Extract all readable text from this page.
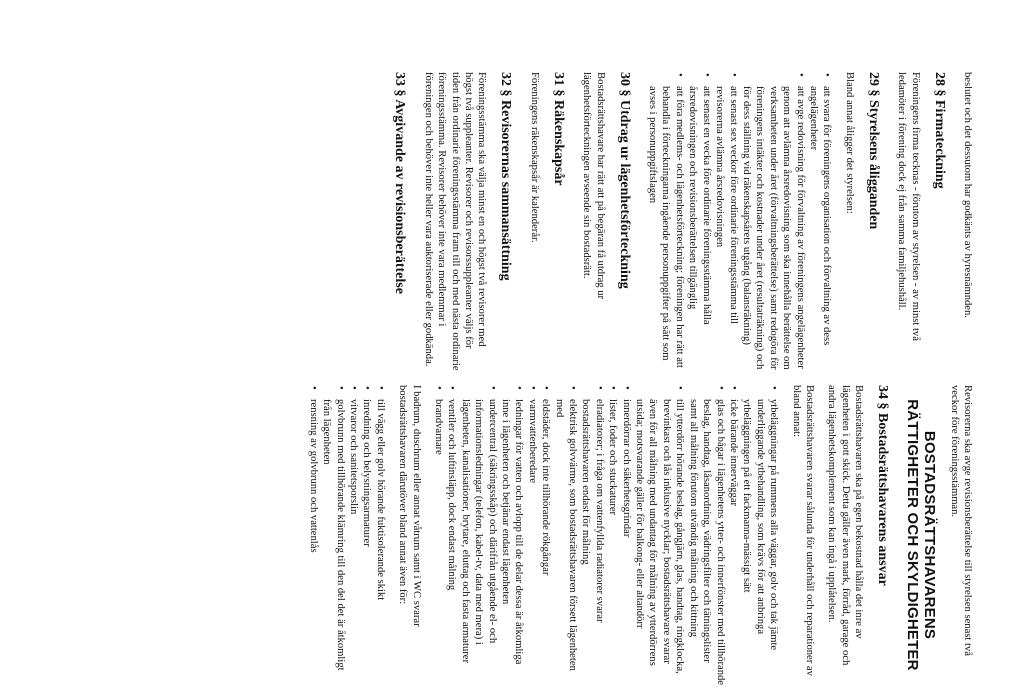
beslutet och det dessutom har godkänts av hyresnämnden.

28 § Firmateckning

Föreningens firma tecknas - förutom av styrelsen - av minst två ledamöter i förening dock ej från samma familjehushåll.

29 § Styrelsens åligganden

Bland annat åligger det styrelsen:

• att svara för föreningens organisation och förvaltning av dess angelägenheter
• att avge redovisning för förvaltning av föreningens angelägenheter genom att avlämna årsredovisning som ska innehålla berättelse om verksamheten under året (förvaltningsberättelse) samt redogöra för föreningens intäkter och kostnader under året (resultaträkning) och för dess ställning vid räkenskapsårets utgång (balansräkning)
• att senast sex veckor före ordinarie föreningsstämma till revisorerna avlämna årsredovisningen
• att senast en vecka före ordinarie föreningsstämma hålla årsredovisningen och revisionsberättelsen tillgänglig
• att föra medlems- och lägenhetsförteckning; föreningen har rätt att behandla i förteckningarna ingående personuppgifter på sätt som avses i personuppgiftslagen
30 § Utdrag ur lägenhetsförteckning

Bostadsrättshavare har rätt att på begäran få utdrag ur lägenhetsförteckningen avseende sin bostadsrätt.

31 § Räkenskapsår

Föreningens räkenskapsår är kalenderår.

32 § Revisorernas sammansättning

Föreningsstämma ska välja minst en och högst två revisorer med högst två suppleanter. Revisorer och revisorssuppleanter väljs för tiden från ordinarie föreningsstämma fram till och med nästa ordinarie föreningsstämma. Revisorer behöver inte vara medlemmar i föreningen och behöver inte heller vara auktoriserade eller godkända.

33 § Avgivande av revisionsberättelse

Revisorerna ska avge revisionsberättelse till styrelsen senast två veckor före föreningsstämman.

BOSTADSRÄTTSHAVARENS
RÄTTIGHETER OCH SKYLDIGHETER
34 § Bostadsrättshavarens ansvar

Bostadsrättshavaren ska på egen bekostnad hålla det inre av lägenheten i gott skick. Detta gäller även mark, förråd, garage och andra lägenhetskomplement som kan ingå i upplåtelsen.

Bostadsrättshavaren svarar sålunda för underhåll och reparationer av bland annat:

• ytbeläggningar på rummens alla väggar, golv och tak jämte underliggande ytbehandling, som krävs för att anbringa ytbeläggningen på ett fackmanna-mässigt sätt
• icke bärande innerväggar
• glas och bågar i lägenhetens ytter- och innerfönster med tillhörande beslag, handtag, låsanordning, vädringsfilter och tätningslister samt all målning förutom utvändig målning och kittning
• till ytterdörr hörande beslag, gångjärn, glas, handtag, ringklocka, brevinkast och lås inklusive nycklar; bostadsrättshavare svarar även för all målning med undantag för målning av ytterdörrens utsida; motsvarande gäller för balkong- eller altandörr
• innerdörrar och säkerhetsgrindar
• lister, foder och stuckaturer
• elradiatorer; i fråga om vattenfyllda radiatorer svarar bostadsrättshavaren endast för målning
• elektrisk golvvärme, som bostadsrättshavaren försett lägenheten med
• eldstäder, dock inte tillhörande rökgångar
• varmvattenberedare
• ledningar för vatten och avlopp till de delar dessa är åtkomliga inne i lägenheten och betjänar endast lägenheten
• undercentral (säkringsskåp) och därifrån utgående el- och informationsledningar (telefon, kabel-tv, data med mera) i lägenheten, kanalisationer, brytare, eluttag och fasta armaturer
• ventiler och luftinsläpp, dock endast målning
• brandvarnare

I badrum, duschrum eller annat våtrum samt i WC svarar bostadsrättshavaren därutöver bland annat även för:

• till vägg eller golv hörande fuktisolerande skikt
• inredning och belysningsarmaturer
• vitvaror och sanitetsporslin
• golvbrunn med tillhörande klämring till den del det är åtkomligt från lägenheten
• rensning av golvbrunn och vattenlås
